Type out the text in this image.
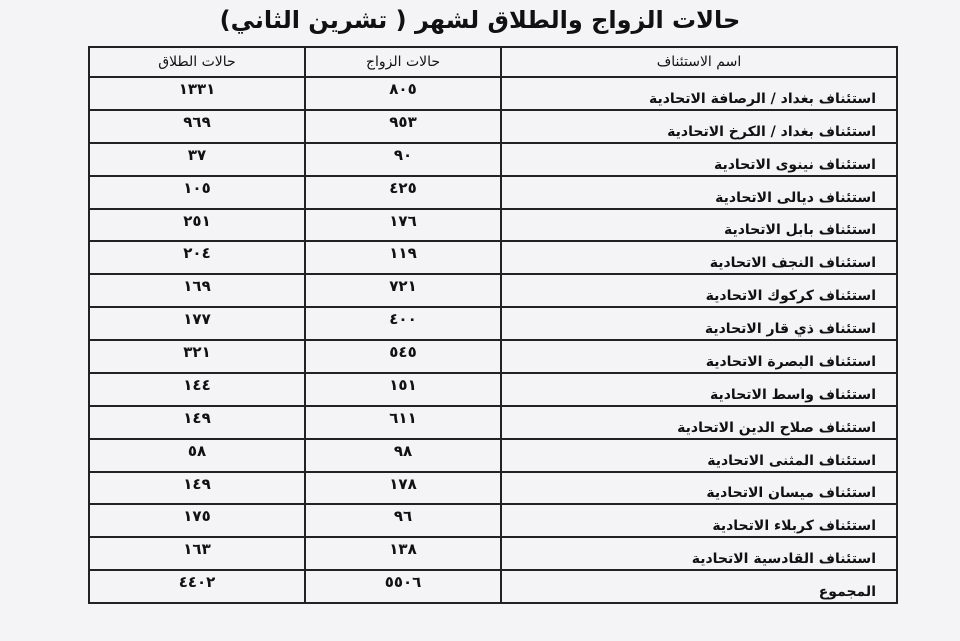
حالات الزواج والطلاق لشهر ( تشرين الثاني)
اسم الاستئناف	حالات الزواج	حالات الطلاق
استئناف بغداد / الرصافة الاتحادية	٨٠٥	١٣٣١
استئناف بغداد / الكرخ الاتحادية	٩٥٣	٩٦٩
استئناف نينوى الاتحادية	٩٠	٣٧
استئناف ديالى الاتحادية	٤٢٥	١٠٥
استئناف بابل الاتحادية	١٧٦	٢٥١
استئناف النجف الاتحادية	١١٩	٢٠٤
استئناف كركوك الاتحادية	٧٢١	١٦٩
استئناف ذي قار الاتحادية	٤٠٠	١٧٧
استئناف البصرة الاتحادية	٥٤٥	٣٢١
استئناف واسط الاتحادية	١٥١	١٤٤
استئناف صلاح الدين الاتحادية	٦١١	١٤٩
استئناف المثنى الاتحادية	٩٨	٥٨
استئناف ميسان الاتحادية	١٧٨	١٤٩
استئناف كربلاء الاتحادية	٩٦	١٧٥
استئناف القادسية الاتحادية	١٣٨	١٦٣
المجموع	٥٥٠٦	٤٤٠٢
